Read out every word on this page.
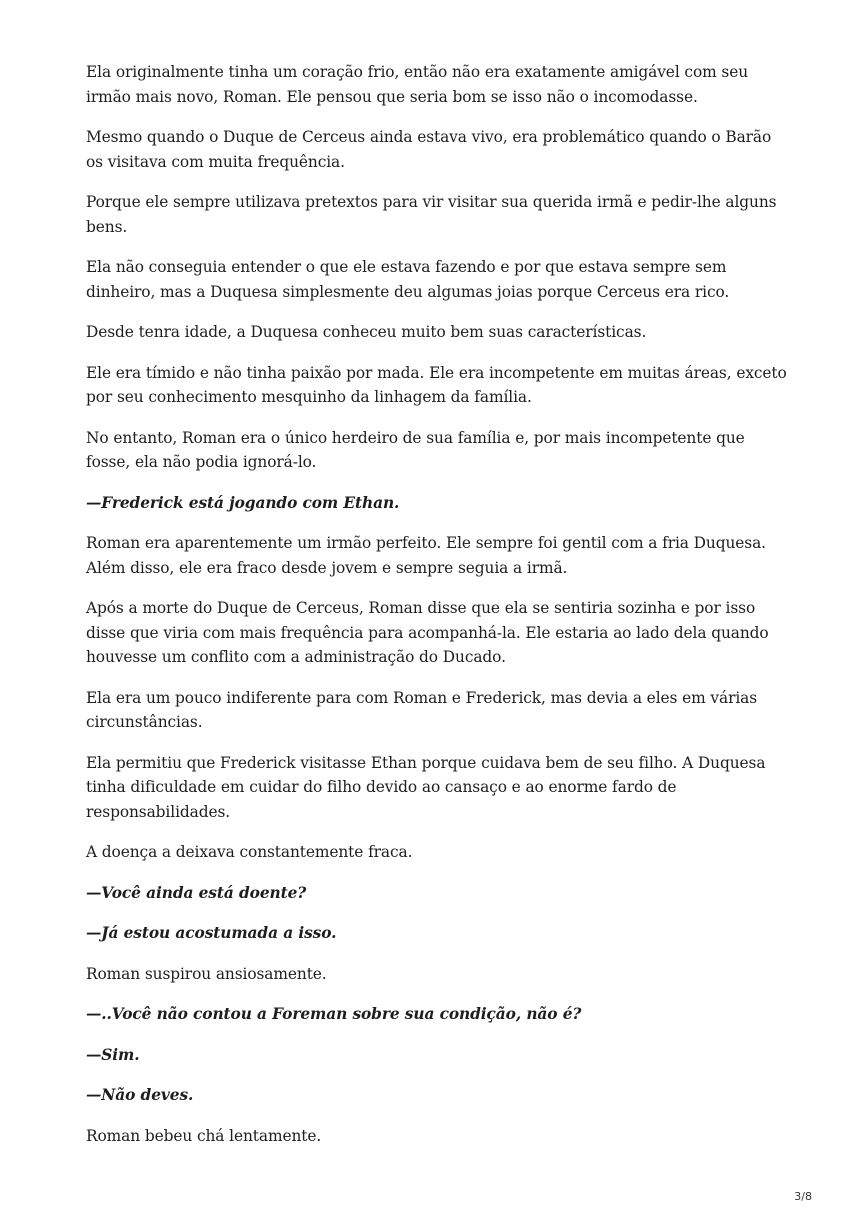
Ela originalmente tinha um coração frio, então não era exatamente amigável com seu irmão mais novo, Roman. Ele pensou que seria bom se isso não o incomodasse.

Mesmo quando o Duque de Cerceus ainda estava vivo, era problemático quando o Barão os visitava com muita frequência.

Porque ele sempre utilizava pretextos para vir visitar sua querida irmã e pedir-lhe alguns bens.

Ela não conseguia entender o que ele estava fazendo e por que estava sempre sem dinheiro, mas a Duquesa simplesmente deu algumas joias porque Cerceus era rico.

Desde tenra idade, a Duquesa conheceu muito bem suas características.

Ele era tímido e não tinha paixão por mada. Ele era incompetente em muitas áreas, exceto por seu conhecimento mesquinho da linhagem da família.

No entanto, Roman era o único herdeiro de sua família e, por mais incompetente que fosse, ela não podia ignorá-lo.

—Frederick está jogando com Ethan.

Roman era aparentemente um irmão perfeito. Ele sempre foi gentil com a fria Duquesa. Além disso, ele era fraco desde jovem e sempre seguia a irmã.

Após a morte do Duque de Cerceus, Roman disse que ela se sentiria sozinha e por isso disse que viria com mais frequência para acompanhá-la. Ele estaria ao lado dela quando houvesse um conflito com a administração do Ducado.

Ela era um pouco indiferente para com Roman e Frederick, mas devia a eles em várias circunstâncias.

Ela permitiu que Frederick visitasse Ethan porque cuidava bem de seu filho. A Duquesa tinha dificuldade em cuidar do filho devido ao cansaço e ao enorme fardo de responsabilidades.

A doença a deixava constantemente fraca.

—Você ainda está doente?

—Já estou acostumada a isso.

Roman suspirou ansiosamente.

—..Você não contou a Foreman sobre sua condição, não é?

—Sim.

—Não deves.

Roman bebeu chá lentamente.

3/8
